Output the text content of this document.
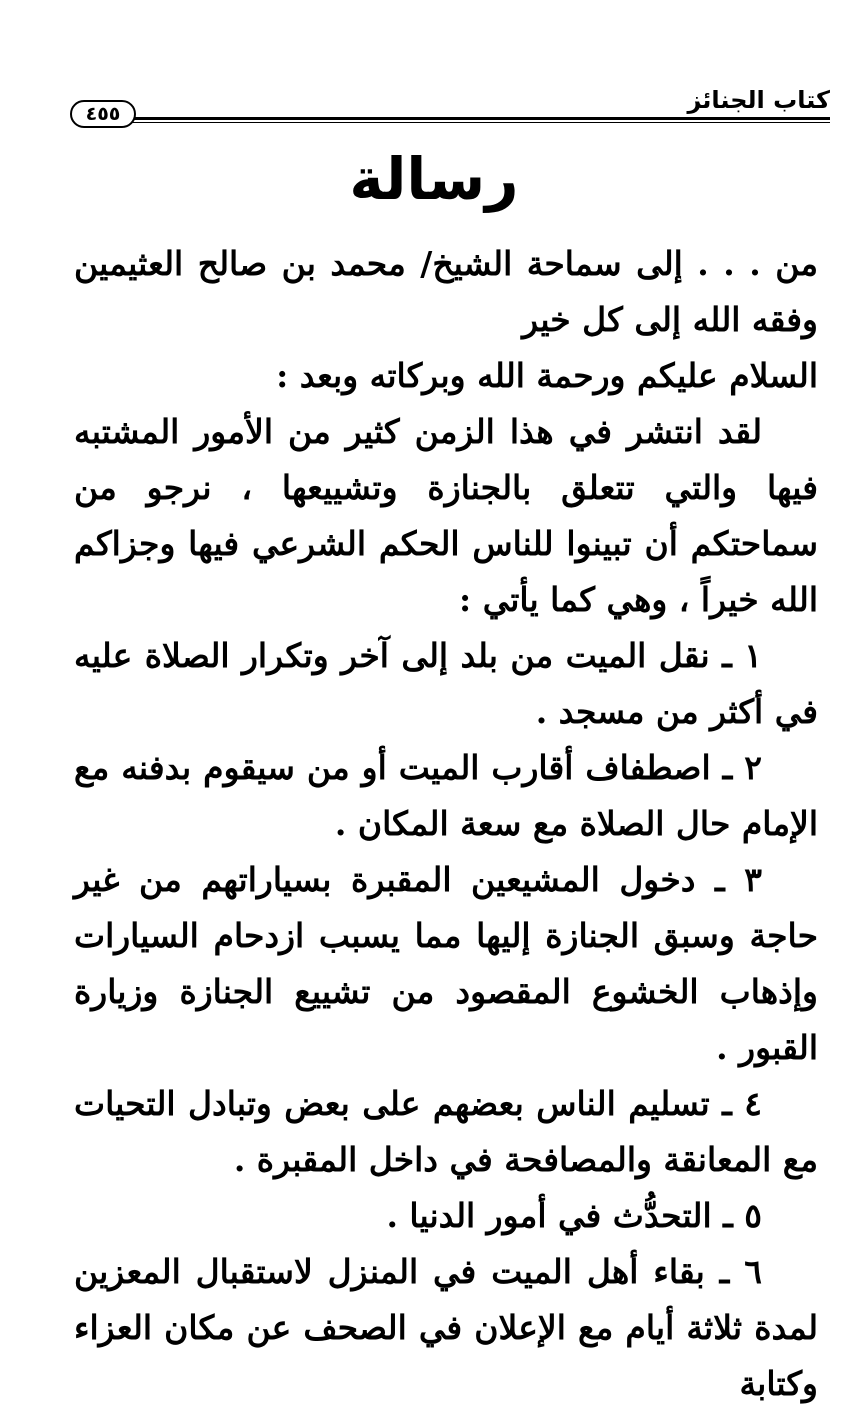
كتاب الجنائز
٤٥٥
رسالة

من . . . إلى سماحة الشيخ/ محمد بن صالح العثيمين وفقه الله إلى كل خير

السلام عليكم ورحمة الله وبركاته وبعد :

لقد انتشر في هذا الزمن كثير من الأمور المشتبه فيها والتي تتعلق بالجنازة وتشييعها ، نرجو من سماحتكم أن تبينوا للناس الحكم الشرعي فيها وجزاكم الله خيراً ، وهي كما يأتي :

١ ـ نقل الميت من بلد إلى آخر وتكرار الصلاة عليه في أكثر من مسجد .

٢ ـ اصطفاف أقارب الميت أو من سيقوم بدفنه مع الإمام حال الصلاة مع سعة المكان .

٣ ـ دخول المشيعين المقبرة بسياراتهم من غير حاجة وسبق الجنازة إليها مما يسبب ازدحام السيارات وإذهاب الخشوع المقصود من تشييع الجنازة وزيارة القبور .

٤ ـ تسليم الناس بعضهم على بعض وتبادل التحيات مع المعانقة والمصافحة في داخل المقبرة .

٥ ـ التحدُّث في أمور الدنيا .

٦ ـ بقاء أهل الميت في المنزل لاستقبال المعزين لمدة ثلاثة أيام مع الإعلان في الصحف عن مكان العزاء وكتابة
